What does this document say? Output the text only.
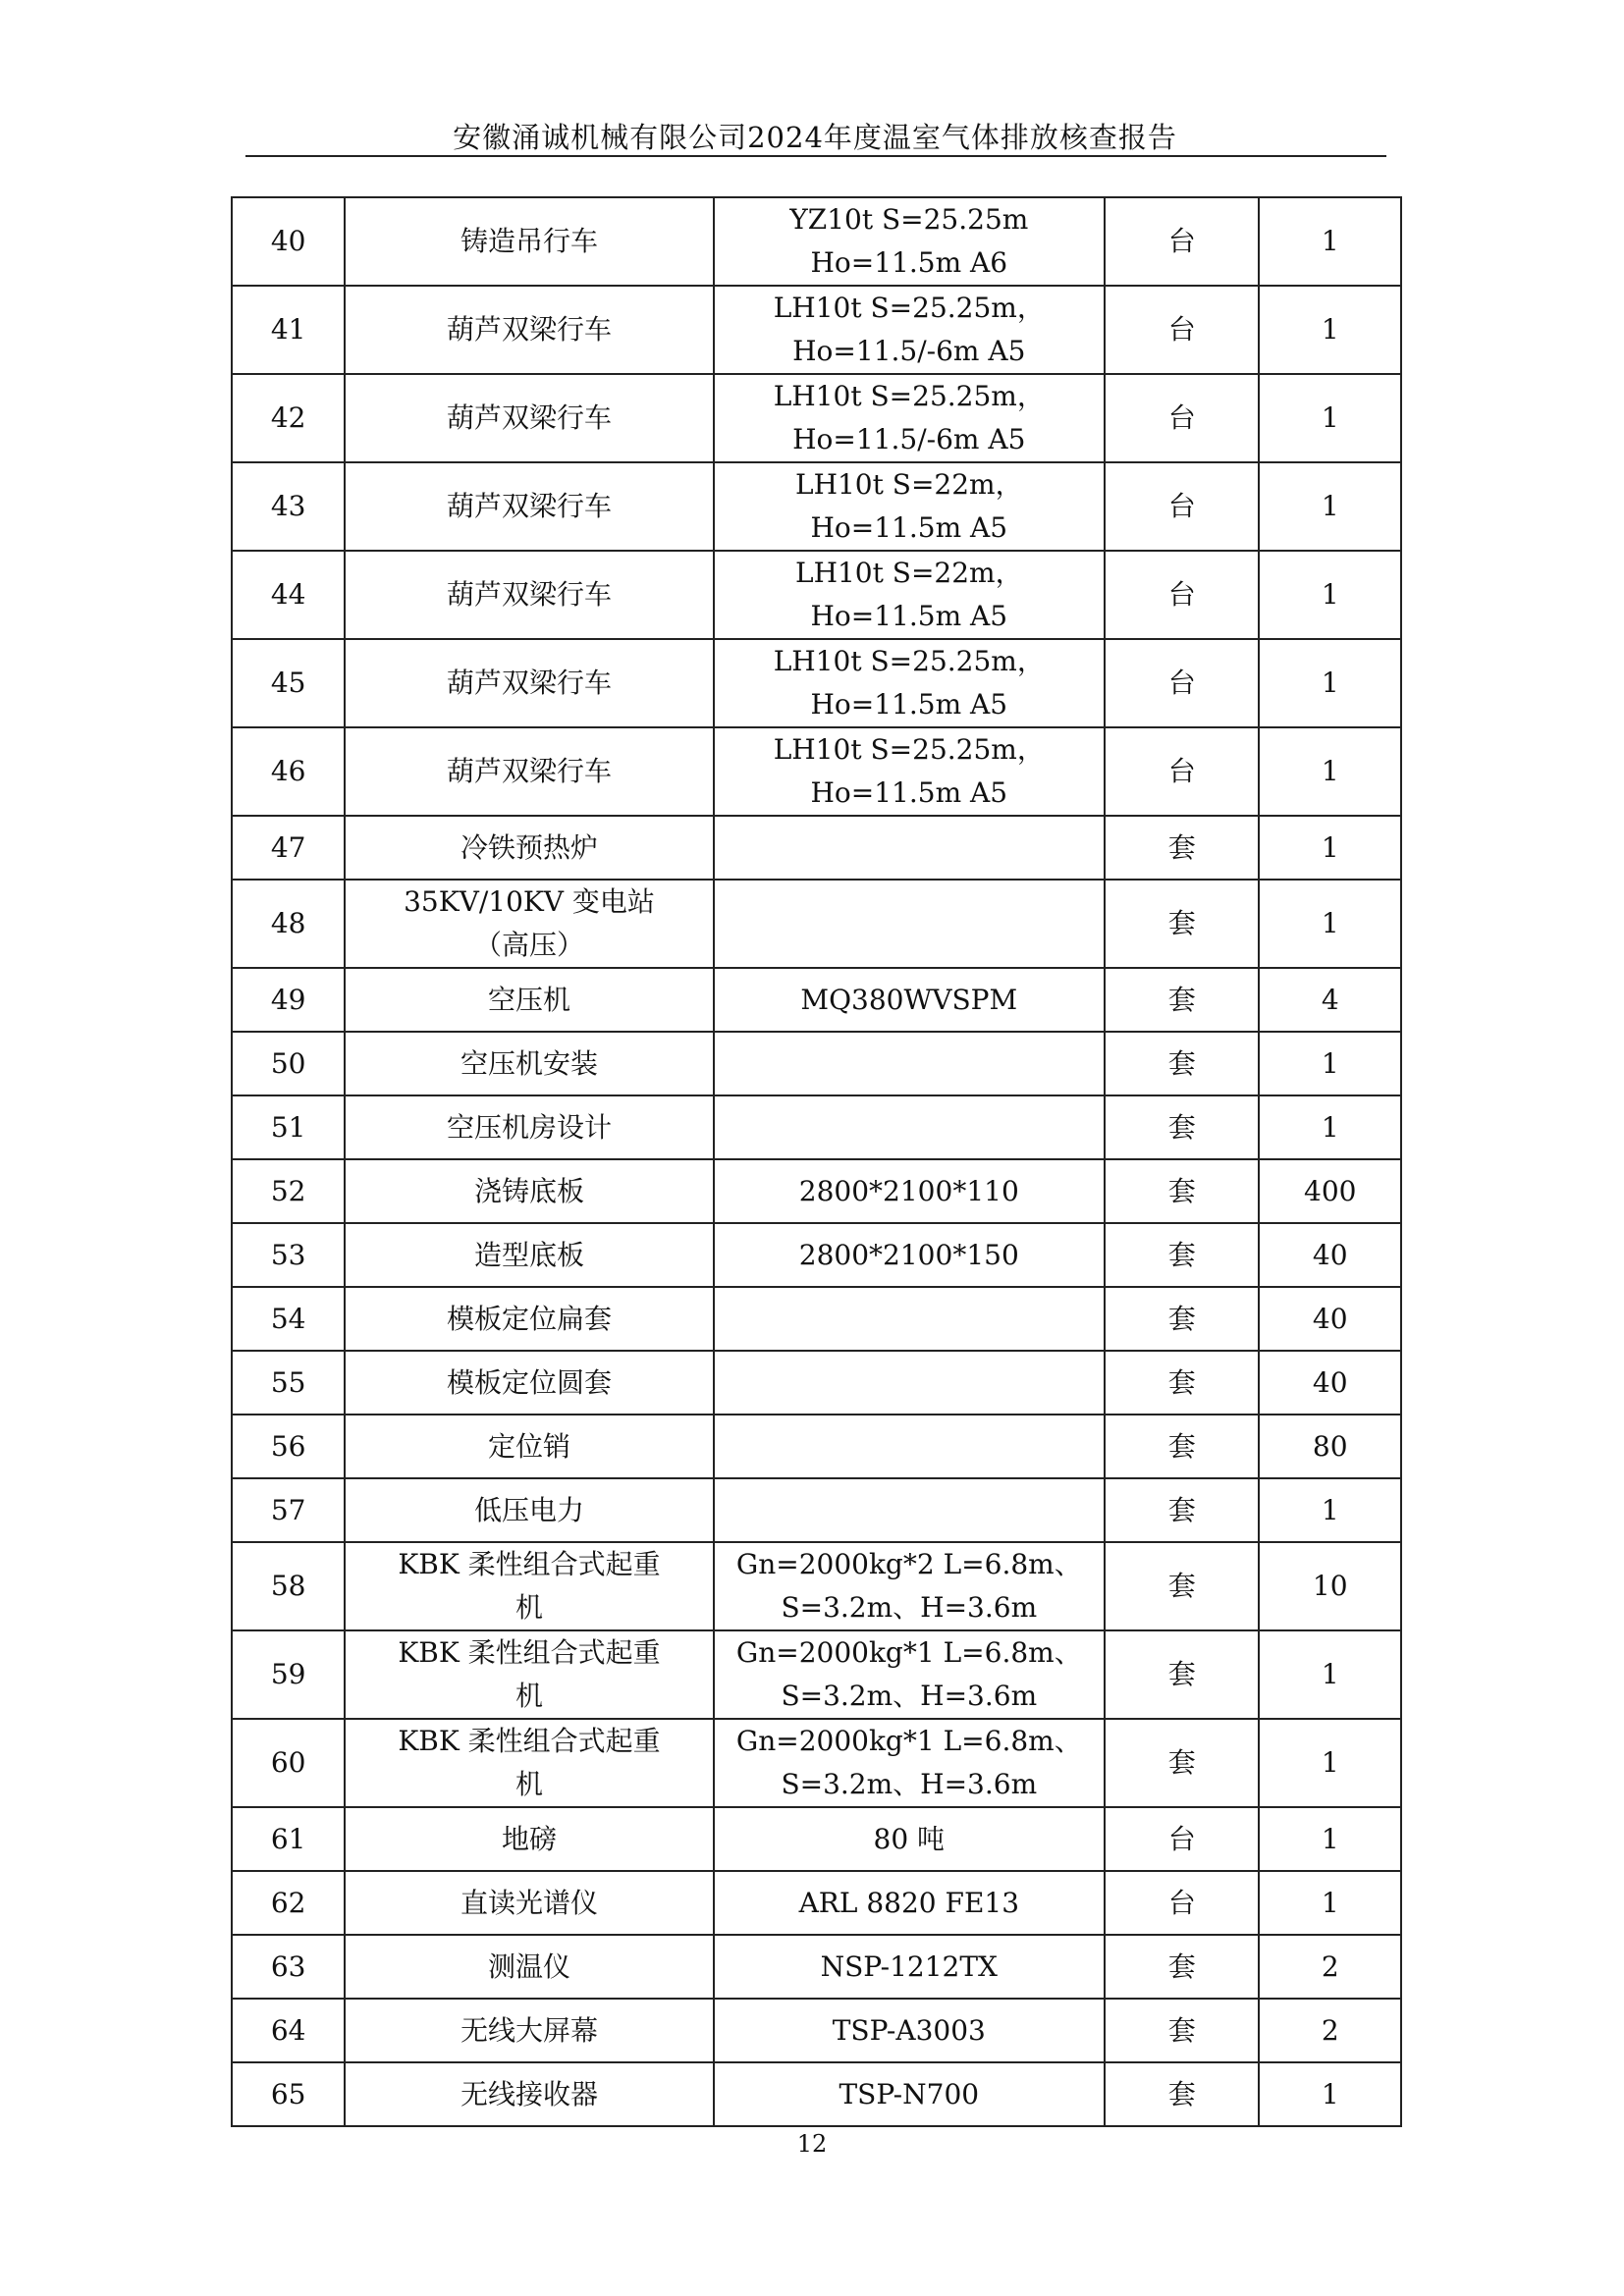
安徽涌诚机械有限公司2024年度温室气体排放核查报告
40	铸造吊行车	YZ10t S=25.25m
Ho=11.5m A6	台	1
41	葫芦双梁行车	LH10t S=25.25m，
Ho=11.5/-6m A5	台	1
42	葫芦双梁行车	LH10t S=25.25m，
Ho=11.5/-6m A5	台	1
43	葫芦双梁行车	LH10t S=22m，
Ho=11.5m A5	台	1
44	葫芦双梁行车	LH10t S=22m，
Ho=11.5m A5	台	1
45	葫芦双梁行车	LH10t S=25.25m，
Ho=11.5m A5	台	1
46	葫芦双梁行车	LH10t S=25.25m，
Ho=11.5m A5	台	1
47	冷铁预热炉		套	1
48	35KV/10KV 变电站
（高压）		套	1
49	空压机	MQ380WVSPM	套	4
50	空压机安装		套	1
51	空压机房设计		套	1
52	浇铸底板	2800*2100*110	套	400
53	造型底板	2800*2100*150	套	40
54	模板定位扁套		套	40
55	模板定位圆套		套	40
56	定位销		套	80
57	低压电力		套	1
58	KBK 柔性组合式起重
机	Gn=2000kg*2 L=6.8m、
S=3.2m、H=3.6m	套	10
59	KBK 柔性组合式起重
机	Gn=2000kg*1 L=6.8m、
S=3.2m、H=3.6m	套	1
60	KBK 柔性组合式起重
机	Gn=2000kg*1 L=6.8m、
S=3.2m、H=3.6m	套	1
61	地磅	80 吨	台	1
62	直读光谱仪	ARL 8820 FE13	台	1
63	测温仪	NSP-1212TX	套	2
64	无线大屏幕	TSP-A3003	套	2
65	无线接收器	TSP-N700	套	1
12
